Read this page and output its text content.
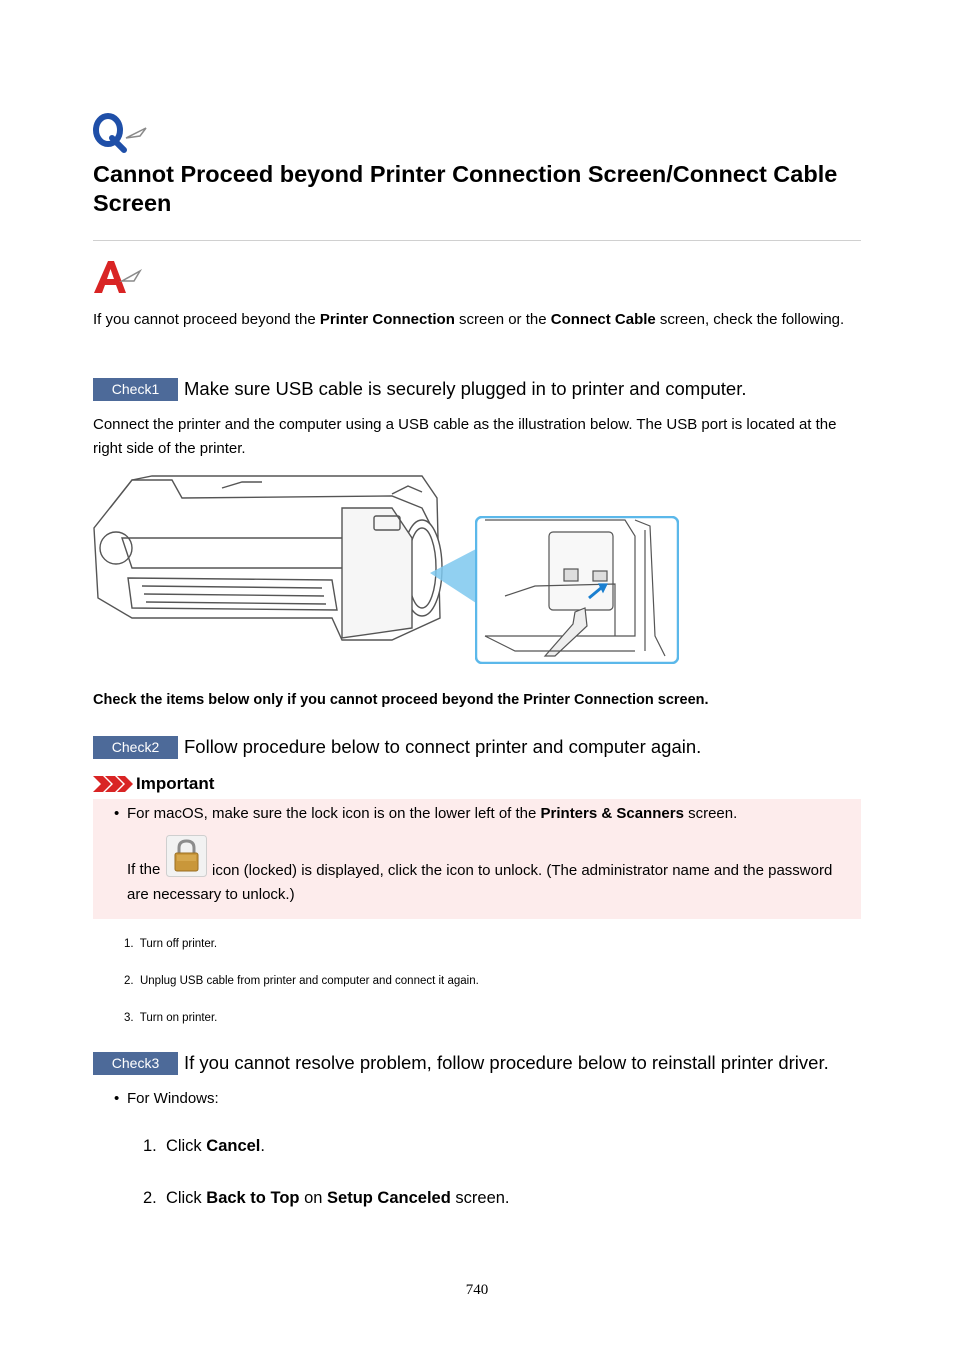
Cannot Proceed beyond Printer Connection Screen/Connect Cable Screen
If you cannot proceed beyond the Printer Connection screen or the Connect Cable screen, check the following.
Check1	Make sure USB cable is securely plugged in to printer and computer.
Connect the printer and the computer using a USB cable as the illustration below. The USB port is located at the right side of the printer.
Check the items below only if you cannot proceed beyond the Printer Connection screen.
Check2	Follow procedure below to connect printer and computer again.
Important
• For macOS, make sure the lock icon is on the lower left of the Printers & Scanners screen.
If the	icon (locked) is displayed, click the icon to unlock. (The administrator name and the password are necessary to unlock.)
1. Turn off printer.
2. Unplug USB cable from printer and computer and connect it again.
3. Turn on printer.
Check3	If you cannot resolve problem, follow procedure below to reinstall printer driver.
• For Windows:
1. Click Cancel.
2. Click Back to Top on Setup Canceled screen.
740
